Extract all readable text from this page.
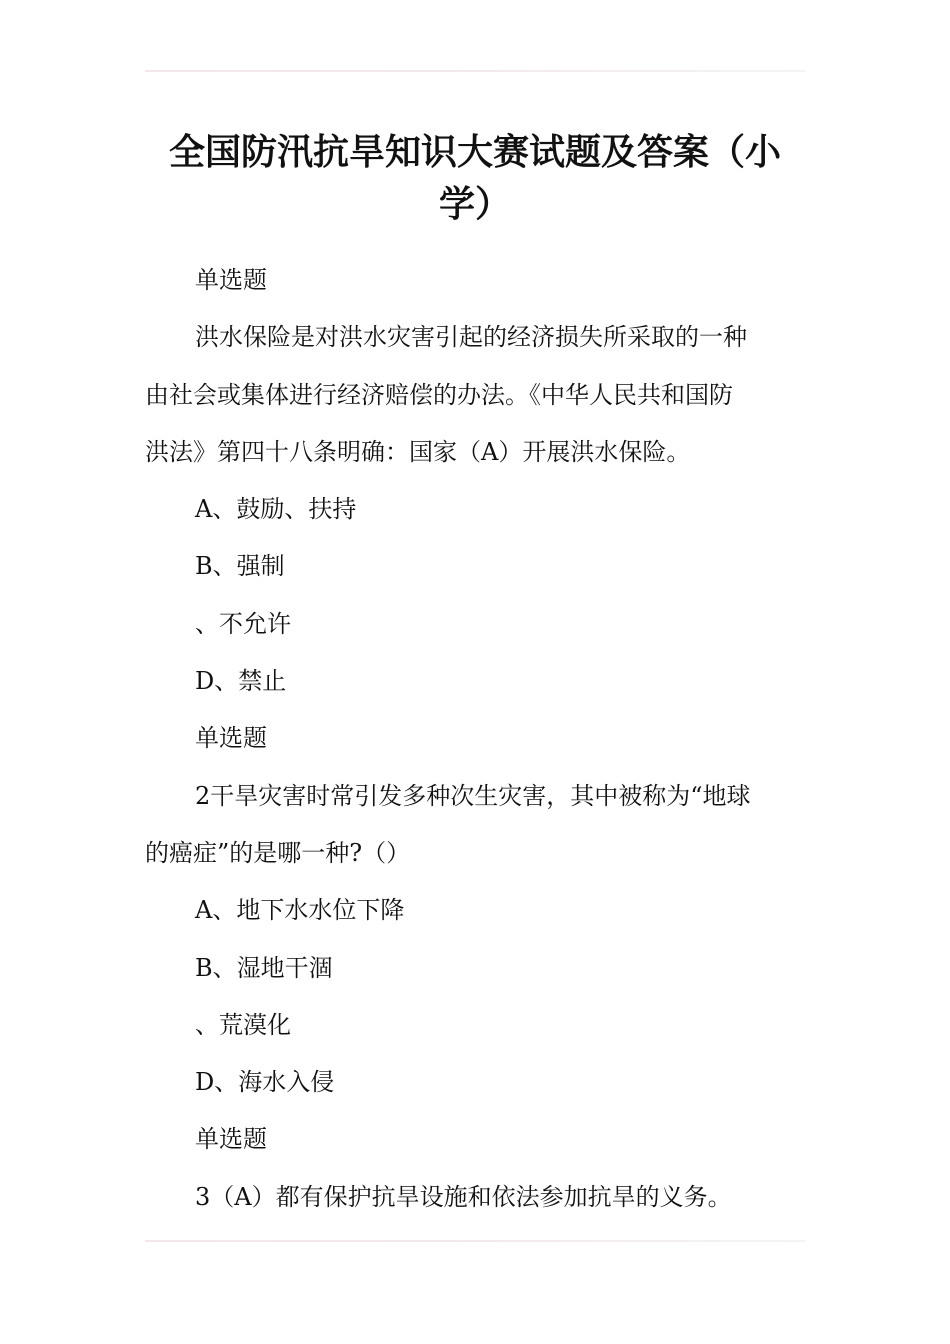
全国防汛抗旱知识大赛试题及答案（小
学）

单选题

洪水保险是对洪水灾害引起的经济损失所采取的一种

由社会或集体进行经济赔偿的办法。《中华人民共和国防

洪法》第四十八条明确：国家（A）开展洪水保险。

A、鼓励、扶持

B、强制

、不允许

D、禁止

单选题

2干旱灾害时常引发多种次生灾害，其中被称为“地球

的癌症”的是哪一种?（）

A、地下水水位下降

B、湿地干涸

、荒漠化

D、海水入侵

单选题

3（A）都有保护抗旱设施和依法参加抗旱的义务。
